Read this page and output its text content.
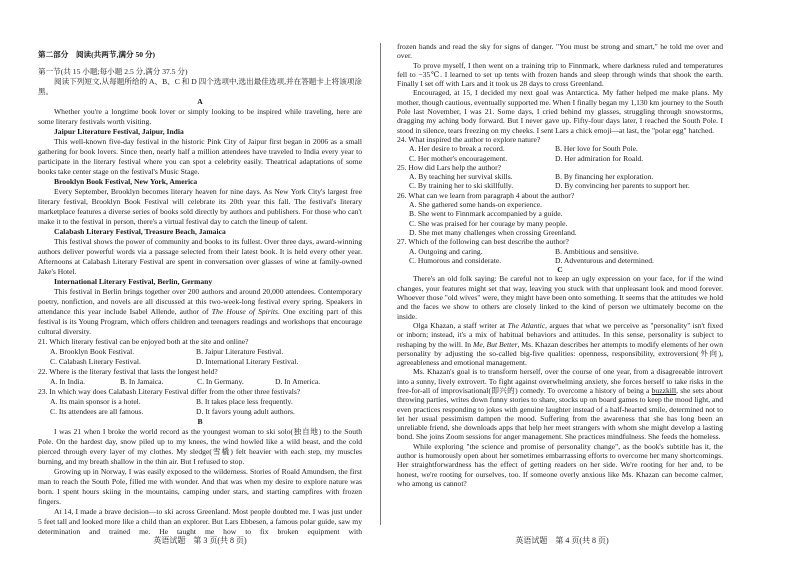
第二部分　阅读(共两节,满分 50 分)

第一节(共 15 小题;每小题 2.5 分,满分 37.5 分)

阅读下列短文,从每题所给的 A、B、C 和 D 四个选项中,选出最佳选项,并在答题卡上将该项涂黑。

A

Whether you're a longtime book lover or simply looking to be inspired while traveling, here are some literary festivals worth visiting.

Jaipur Literature Festival, Jaipur, India

This well-known five-day festival in the historic Pink City of Jaipur first began in 2006 as a small gathering for book lovers. Since then, nearly half a million attendees have traveled to India every year to participate in the literary festival where you can spot a celebrity easily. Theatrical adaptations of some books take center stage on the festival's Music Stage.

Brooklyn Book Festival, New York, America

Every September, Brooklyn becomes literary heaven for nine days. As New York City's largest free literary festival, Brooklyn Book Festival will celebrate its 20th year this fall. The festival's literary marketplace features a diverse series of books sold directly by authors and publishers. For those who can't make it to the festival in person, there's a virtual festival day to catch the lineup of talent.

Calabash Literary Festival, Treasure Beach, Jamaica

This festival shows the power of community and books to its fullest. Over three days, award-winning authors deliver powerful words via a passage selected from their latest book. It is held every other year. Afternoons at Calabash Literary Festival are spent in conversation over glasses of wine at family-owned Jake's Hotel.

International Literary Festival, Berlin, Germany

This festival in Berlin brings together over 200 authors and around 20,000 attendees. Contemporary poetry, nonfiction, and novels are all discussed at this two-week-long festival every spring. Speakers in attendance this year include Isabel Allende, author of The House of Spirits. One exciting part of this festival is its Young Program, which offers children and teenagers readings and workshops that encourage cultural diversity.

21. Which literary festival can be enjoyed both at the site and online?

A. Brooklyn Book Festival.	B. Jaipur Literature Festival.
C. Calabash Literary Festival.	D. International Literary Festival.

22. Where is the literary festival that lasts the longest held?

A. In India.	B. In Jamaica.	C. In Germany.	D. In America.

23. In which way does Calabash Literary Festival differ from the other three festivals?

A. Its main sponsor is a hotel.	B. It takes place less frequently.
C. Its attendees are all famous.	D. It favors young adult authors.

B

I was 21 when I broke the world record as the youngest woman to ski solo(独自地) to the South Pole. On the hardest day, snow piled up to my knees, the wind howled like a wild beast, and the cold pierced through every layer of my clothes. My sledge(雪橇) felt heavier with each step, my muscles burning, and my breath shallow in the thin air. But I refused to stop.

Growing up in Norway, I was easily exposed to the wilderness. Stories of Roald Amundsen, the first man to reach the South Pole, filled me with wonder. And that was when my desire to explore nature was born. I spent hours skiing in the mountains, camping under stars, and starting campfires with frozen fingers.

At 14, I made a brave decision—to ski across Greenland. Most people doubted me. I was just under 5 feet tall and looked more like a child than an explorer. But Lars Ebbesen, a famous polar guide, saw my determination and trained me. He taught me how to fix broken equipment with

frozen hands and read the sky for signs of danger. "You must be strong and smart," he told me over and over.

To prove myself, I then went on a training trip to Finnmark, where darkness ruled and temperatures fell to −35℃. I learned to set up tents with frozen hands and sleep through winds that shook the earth. Finally I set off with Lars and it took us 28 days to cross Greenland.

Encouraged, at 15, I decided my next goal was Antarctica. My father helped me make plans. My mother, though cautious, eventually supported me. When I finally began my 1,130 km journey to the South Pole last November, I was 21. Some days, I cried behind my glasses, struggling through snowstorms, dragging my aching body forward. But I never gave up. Fifty-four days later, I reached the South Pole. I stood in silence, tears freezing on my cheeks. I sent Lars a chick emoji—at last, the "polar egg" hatched.

24. What inspired the author to explore nature?

A. Her desire to break a record.	B. Her love for South Pole.
C. Her mother's encouragement.	D. Her admiration for Roald.

25. How did Lars help the author?

A. By teaching her survival skills.	B. By financing her exploration.
C. By training her to ski skillfully.	D. By convincing her parents to support her.

26. What can we learn from paragraph 4 about the author?

A. She gathered some hands-on experience.
B. She went to Finnmark accompanied by a guide.
C. She was praised for her courage by many people.
D. She met many challenges when crossing Greenland.

27. Which of the following can best describe the author?

A. Outgoing and caring.	B. Ambitious and sensitive.
C. Humorous and considerate.	D. Adventurous and determined.

C

There's an old folk saying: Be careful not to keep an ugly expression on your face, for if the wind changes, your features might set that way, leaving you stuck with that unpleasant look and mood forever. Whoever those "old wives" were, they might have been onto something. It seems that the attitudes we hold and the faces we show to others are closely linked to the kind of person we ultimately become on the inside.

Olga Khazan, a staff writer at The Atlantic, argues that what we perceive as "personality" isn't fixed or inborn; instead, it's a mix of habitual behaviors and attitudes. In this sense, personality is subject to reshaping by the will. In Me, But Better, Ms. Khazan describes her attempts to modify elements of her own personality by adjusting the so-called big-five qualities: openness, responsibility, extroversion(外向), agreeableness and emotional management.

Ms. Khazan's goal is to transform herself, over the course of one year, from a disagreeable introvert into a sunny, lively extrovert. To fight against overwhelming anxiety, she forces herself to take risks in the free-for-all of improvisational(即兴的) comedy. To overcome a history of being a buzzkill, she sets about throwing parties, writes down funny stories to share, stocks up on board games to keep the mood light, and even practices responding to jokes with genuine laughter instead of a half-hearted smile, determined not to let her usual pessimism dampen the mood. Suffering from the awareness that she has long been an unreliable friend, she downloads apps that help her meet strangers with whom she might develop a lasting bond. She joins Zoom sessions for anger management. She practices mindfulness. She feeds the homeless.

While exploring "the science and promise of personality change", as the book's subtitle has it, the author is humorously open about her sometimes embarrassing efforts to overcome her many shortcomings. Her straightforwardness has the effect of getting readers on her side. We're rooting for her and, to be honest, we're rooting for ourselves, too. If someone overly anxious like Ms. Khazan can become calmer, who among us cannot?

英语试题　第 3 页(共 8 页)	英语试题　第 4 页(共 8 页)
